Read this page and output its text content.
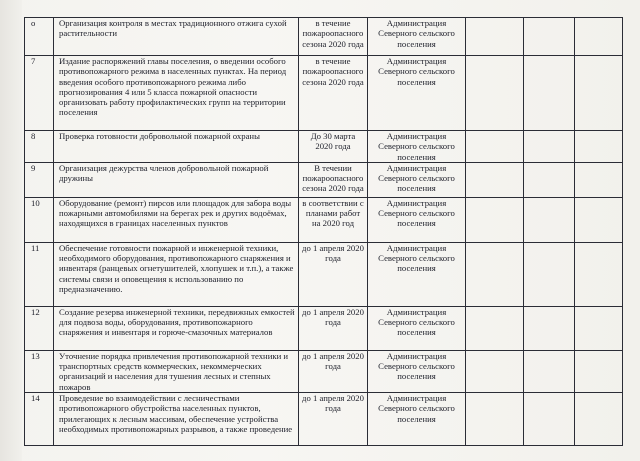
о	Организация контроля в местах традиционного отжига сухой растительности	в течение пожароопасного сезона 2020 года	Администрация Северного сельского поселения			
7	Издание распоряжений главы поселения, о введении особого противопожарного режима в населенных пунктах. На период введения особого противопожарного режима либо прогнозирования 4 или 5 класса пожарной опасности организовать работу профилактических групп на территории поселения	в течение пожароопасного сезона 2020 года	Администрация Северного сельского поселения			
8	Проверка готовности добровольной пожарной охраны	До 30 марта 2020 года	Администрация Северного сельского поселения			
9	Организация дежурства членов добровольной пожарной дружины	В течении пожароопасного сезона 2020 года	Администрация Северного сельского поселения			
10	Оборудование (ремонт) пирсов или площадок для забора воды пожарными автомобилями на берегах рек и других водоёмах, находящихся в границах населенных пунктов	в соответствии с планами работ на 2020 год	Администрация Северного сельского поселения			
11	Обеспечение готовности пожарной и инженерной техники, необходимого оборудования, противопожарного снаряжения и инвентаря (ранцевых огнетушителей, хлопушек и т.п.), а также системы связи и оповещения к использованию по предназначению.	до 1 апреля 2020 года	Администрация Северного сельского поселения			
12	Создание резерва инженерной техники, передвижных емкостей для подвоза воды, оборудования, противопожарного снаряжения и инвентаря и горюче-смазочных материалов	до 1 апреля 2020 года	Администрация Северного сельского поселения			
13	Уточнение порядка привлечения противопожарной техники и транспортных средств коммерческих, некоммерческих организаций и населения для тушения лесных и степных пожаров	до 1 апреля 2020 года	Администрация Северного сельского поселения			
14	Проведение во взаимодействии с лесничествами противопожарного обустройства населенных пунктов, прилегающих к лесным массивам, обеспечение устройства необходимых противопожарных разрывов, а также проведение	до 1 апреля 2020 года	Администрация Северного сельского поселения			
